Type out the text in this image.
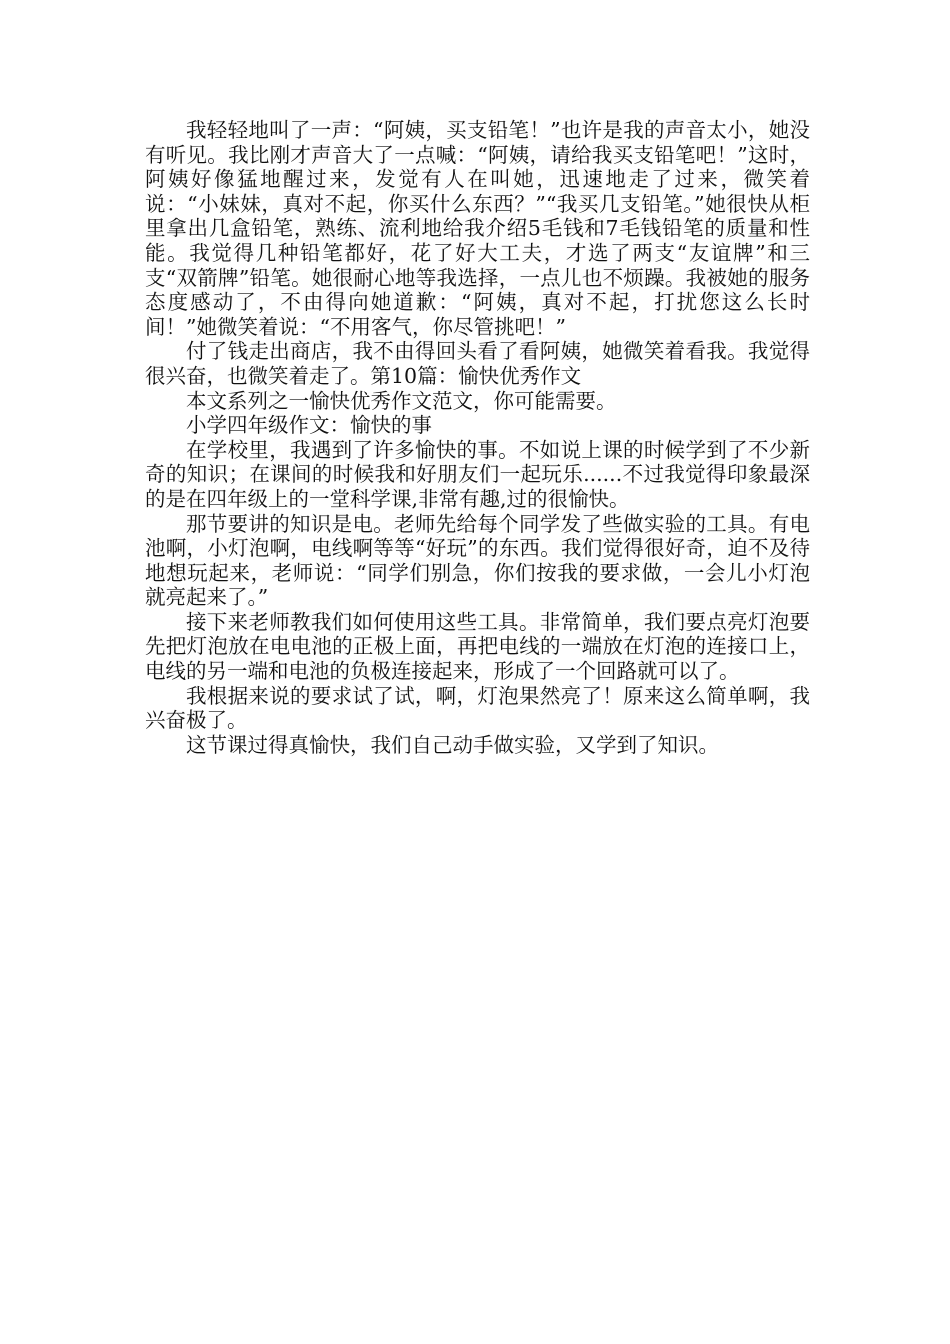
我轻轻地叫了一声：“阿姨，买支铅笔！”也许是我的声音太小，她没有听见。我比刚才声音大了一点喊：“阿姨，请给我买支铅笔吧！”这时，阿姨好像猛地醒过来，发觉有人在叫她，迅速地走了过来，微笑着说：“小妹妹，真对不起，你买什么东西？”“我买几支铅笔。”她很快从柜里拿出几盒铅笔，熟练、流利地给我介绍5毛钱和7毛钱铅笔的质量和性能。我觉得几种铅笔都好，花了好大工夫，才选了两支“友谊牌”和三支“双箭牌”铅笔。她很耐心地等我选择，一点儿也不烦躁。我被她的服务态度感动了，不由得向她道歉：“阿姨，真对不起，打扰您这么长时间！”她微笑着说：“不用客气，你尽管挑吧！”

付了钱走出商店，我不由得回头看了看阿姨，她微笑着看我。我觉得很兴奋，也微笑着走了。第10篇：愉快优秀作文

本文系列之一愉快优秀作文范文，你可能需要。

小学四年级作文：愉快的事

在学校里，我遇到了许多愉快的事。不如说上课的时候学到了不少新奇的知识；在课间的时候我和好朋友们一起玩乐......不过我觉得印象最深的是在四年级上的一堂科学课,非常有趣,过的很愉快。

那节要讲的知识是电。老师先给每个同学发了些做实验的工具。有电池啊，小灯泡啊，电线啊等等“好玩”的东西。我们觉得很好奇，迫不及待地想玩起来，老师说：“同学们别急，你们按我的要求做，一会儿小灯泡就亮起来了。”

接下来老师教我们如何使用这些工具。非常简单，我们要点亮灯泡要先把灯泡放在电电池的正极上面，再把电线的一端放在灯泡的连接口上，电线的另一端和电池的负极连接起来，形成了一个回路就可以了。

我根据来说的要求试了试，啊，灯泡果然亮了！原来这么简单啊，我兴奋极了。

这节课过得真愉快，我们自己动手做实验，又学到了知识。
